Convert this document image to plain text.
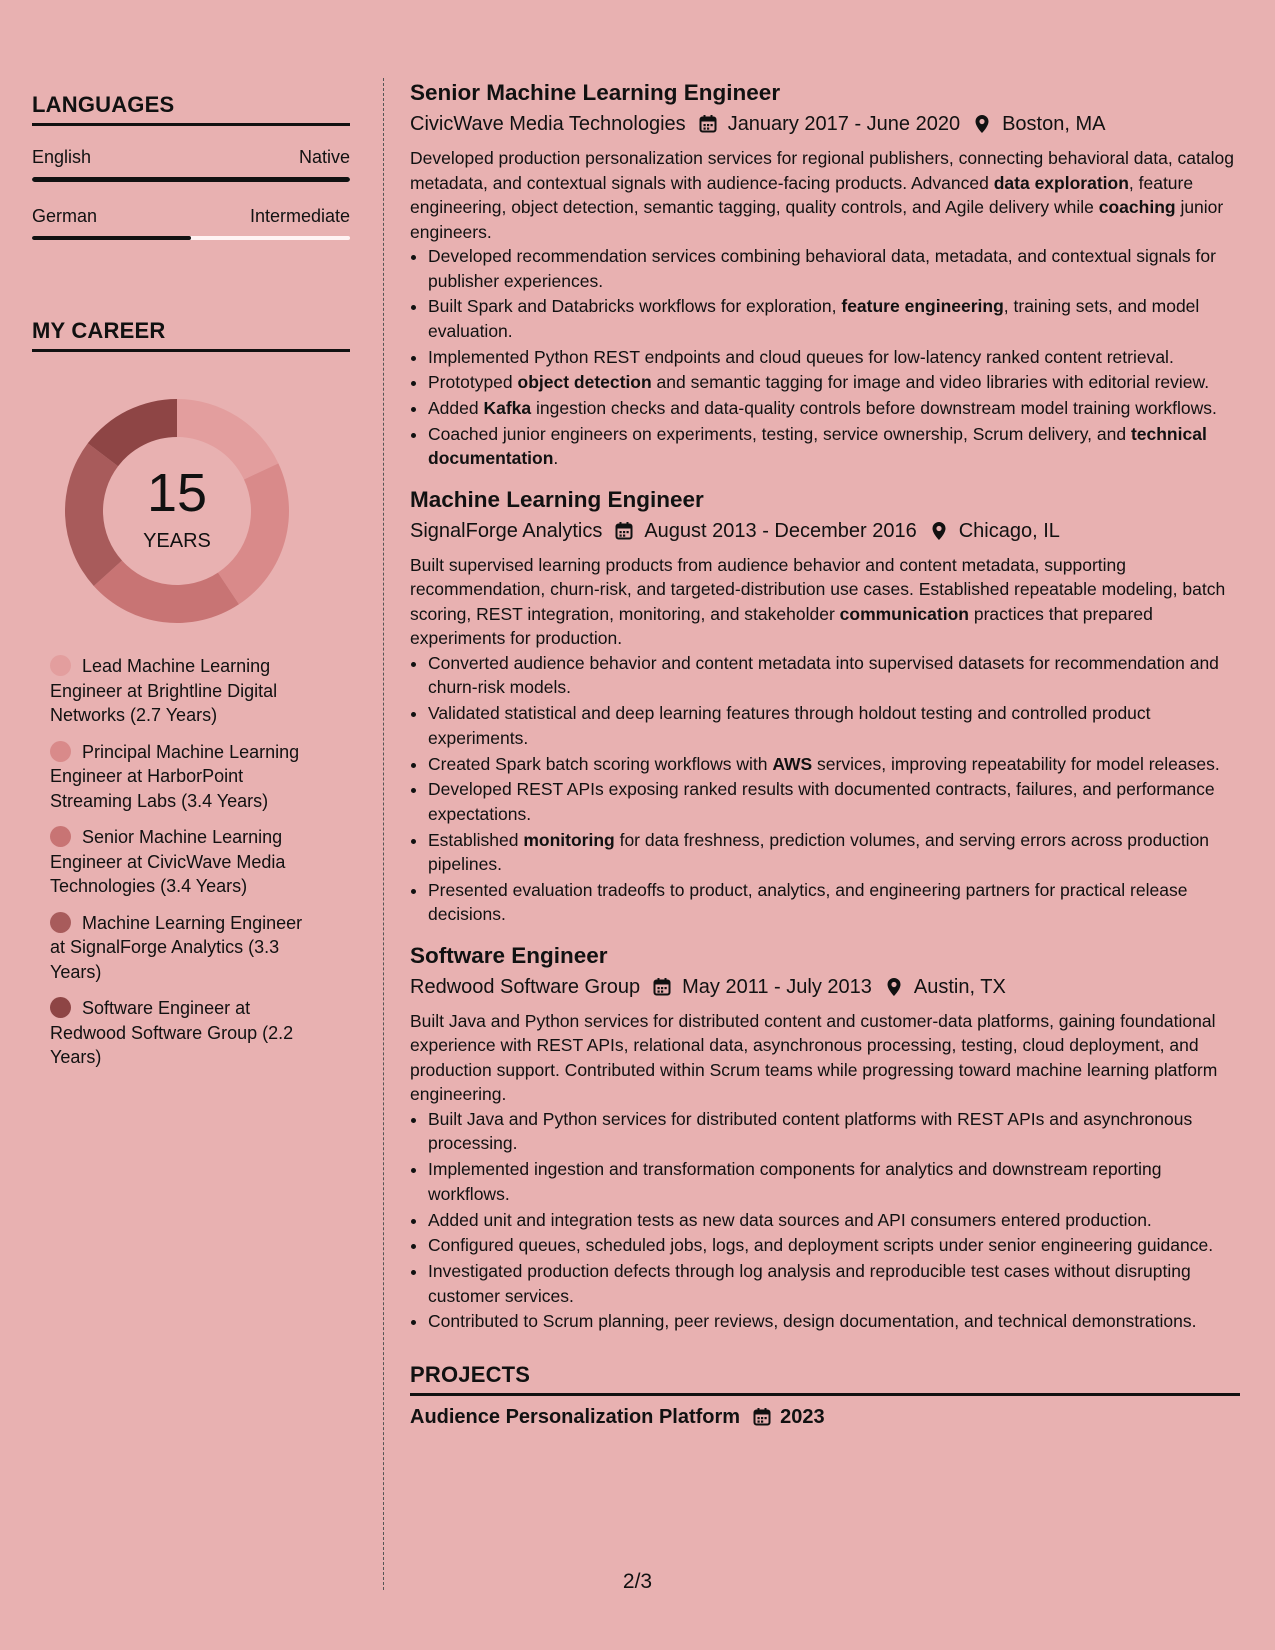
LANGUAGES
English	Native
German	Intermediate
MY CAREER
15
YEARS
Lead Machine Learning Engineer at Brightline Digital Networks (2.7 Years)
Principal Machine Learning Engineer at HarborPoint Streaming Labs (3.4 Years)
Senior Machine Learning Engineer at CivicWave Media Technologies (3.4 Years)
Machine Learning Engineer at SignalForge Analytics (3.3 Years)
Software Engineer at Redwood Software Group (2.2 Years)
Senior Machine Learning Engineer
CivicWave Media Technologies January 2017 - June 2020 Boston, MA

Developed production personalization services for regional publishers, connecting behavioral data, catalog metadata, and contextual signals with audience-facing products. Advanced data exploration, feature engineering, object detection, semantic tagging, quality controls, and Agile delivery while coaching junior engineers.

• Developed recommendation services combining behavioral data, metadata, and contextual signals for publisher experiences.
• Built Spark and Databricks workflows for exploration, feature engineering, training sets, and model evaluation.
• Implemented Python REST endpoints and cloud queues for low-latency ranked content retrieval.
• Prototyped object detection and semantic tagging for image and video libraries with editorial review.
• Added Kafka ingestion checks and data-quality controls before downstream model training workflows.
• Coached junior engineers on experiments, testing, service ownership, Scrum delivery, and technical documentation.
Machine Learning Engineer
SignalForge Analytics August 2013 - December 2016 Chicago, IL

Built supervised learning products from audience behavior and content metadata, supporting recommendation, churn-risk, and targeted-distribution use cases. Established repeatable modeling, batch scoring, REST integration, monitoring, and stakeholder communication practices that prepared experiments for production.

• Converted audience behavior and content metadata into supervised datasets for recommendation and churn-risk models.
• Validated statistical and deep learning features through holdout testing and controlled product experiments.
• Created Spark batch scoring workflows with AWS services, improving repeatability for model releases.
• Developed REST APIs exposing ranked results with documented contracts, failures, and performance expectations.
• Established monitoring for data freshness, prediction volumes, and serving errors across production pipelines.
• Presented evaluation tradeoffs to product, analytics, and engineering partners for practical release decisions.
Software Engineer
Redwood Software Group May 2011 - July 2013 Austin, TX

Built Java and Python services for distributed content and customer-data platforms, gaining foundational experience with REST APIs, relational data, asynchronous processing, testing, cloud deployment, and production support. Contributed within Scrum teams while progressing toward machine learning platform engineering.

• Built Java and Python services for distributed content platforms with REST APIs and asynchronous processing.
• Implemented ingestion and transformation components for analytics and downstream reporting workflows.
• Added unit and integration tests as new data sources and API consumers entered production.
• Configured queues, scheduled jobs, logs, and deployment scripts under senior engineering guidance.
• Investigated production defects through log analysis and reproducible test cases without disrupting customer services.
• Contributed to Scrum planning, peer reviews, design documentation, and technical demonstrations.
PROJECTS
Audience Personalization Platform 2023
2/3
